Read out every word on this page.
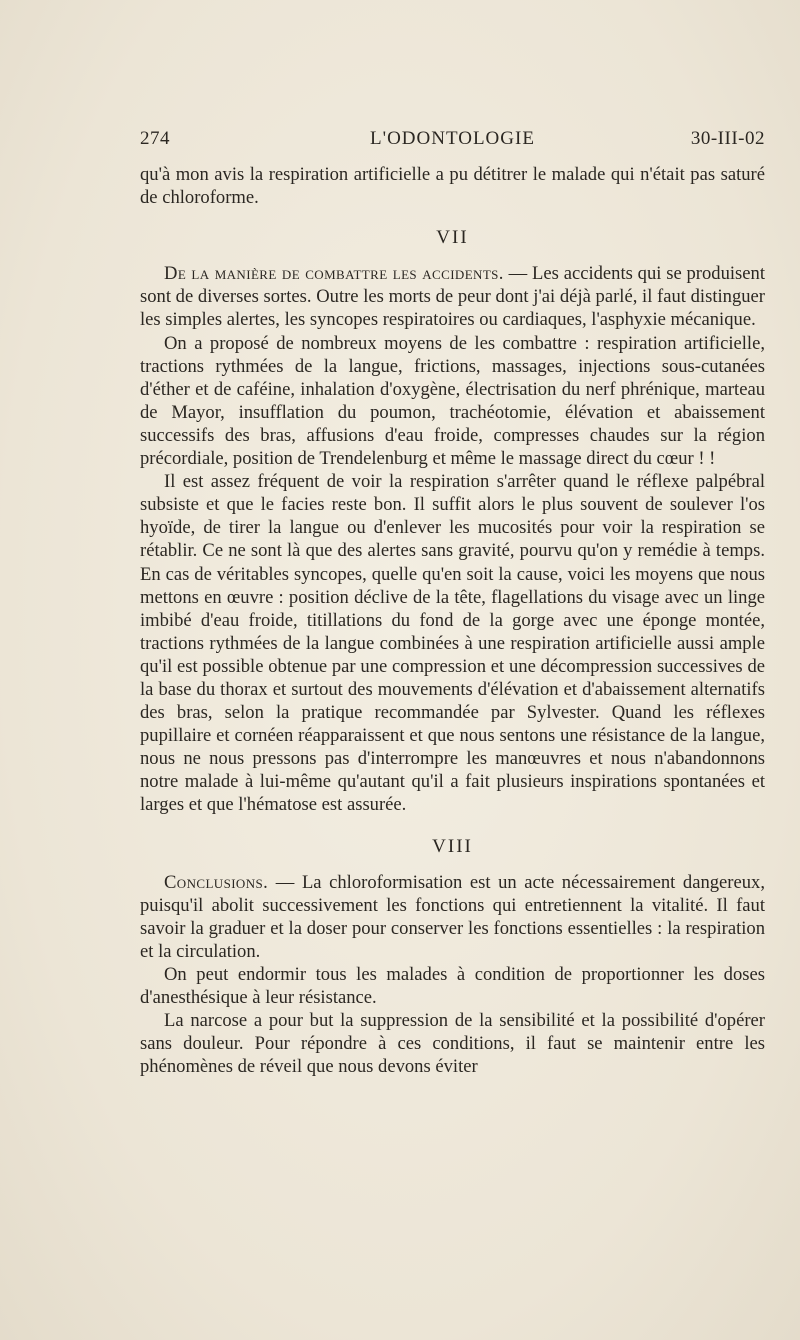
274	L'ODONTOLOGIE	30-III-02

qu'à mon avis la respiration artificielle a pu détitrer le malade qui n'était pas saturé de chloroforme.

VII

De la manière de combattre les accidents. — Les accidents qui se produisent sont de diverses sortes. Outre les morts de peur dont j'ai déjà parlé, il faut distinguer les simples alertes, les syncopes respiratoires ou cardiaques, l'asphyxie mécanique.

On a proposé de nombreux moyens de les combattre : respiration artificielle, tractions rythmées de la langue, frictions, massages, injections sous-cutanées d'éther et de caféine, inhalation d'oxygène, électrisation du nerf phrénique, marteau de Mayor, insufflation du poumon, trachéotomie, élévation et abaissement successifs des bras, affusions d'eau froide, compresses chaudes sur la région précordiale, position de Trendelenburg et même le massage direct du cœur ! !

Il est assez fréquent de voir la respiration s'arrêter quand le réflexe palpébral subsiste et que le facies reste bon. Il suffit alors le plus souvent de soulever l'os hyoïde, de tirer la langue ou d'enlever les mucosités pour voir la respiration se rétablir. Ce ne sont là que des alertes sans gravité, pourvu qu'on y remédie à temps. En cas de véritables syncopes, quelle qu'en soit la cause, voici les moyens que nous mettons en œuvre : position déclive de la tête, flagellations du visage avec un linge imbibé d'eau froide, titillations du fond de la gorge avec une éponge montée, tractions rythmées de la langue combinées à une respiration artificielle aussi ample qu'il est possible obtenue par une compression et une décompression successives de la base du thorax et surtout des mouvements d'élévation et d'abaissement alternatifs des bras, selon la pratique recommandée par Sylvester. Quand les réflexes pupillaire et cornéen réapparaissent et que nous sentons une résistance de la langue, nous ne nous pressons pas d'interrompre les manœuvres et nous n'abandonnons notre malade à lui-même qu'autant qu'il a fait plusieurs inspirations spontanées et larges et que l'hématose est assurée.

VIII

Conclusions. — La chloroformisation est un acte nécessairement dangereux, puisqu'il abolit successivement les fonctions qui entretiennent la vitalité. Il faut savoir la graduer et la doser pour conserver les fonctions essentielles : la respiration et la circulation.

On peut endormir tous les malades à condition de proportionner les doses d'anesthésique à leur résistance.

La narcose a pour but la suppression de la sensibilité et la possibilité d'opérer sans douleur. Pour répondre à ces conditions, il faut se maintenir entre les phénomènes de réveil que nous devons éviter
